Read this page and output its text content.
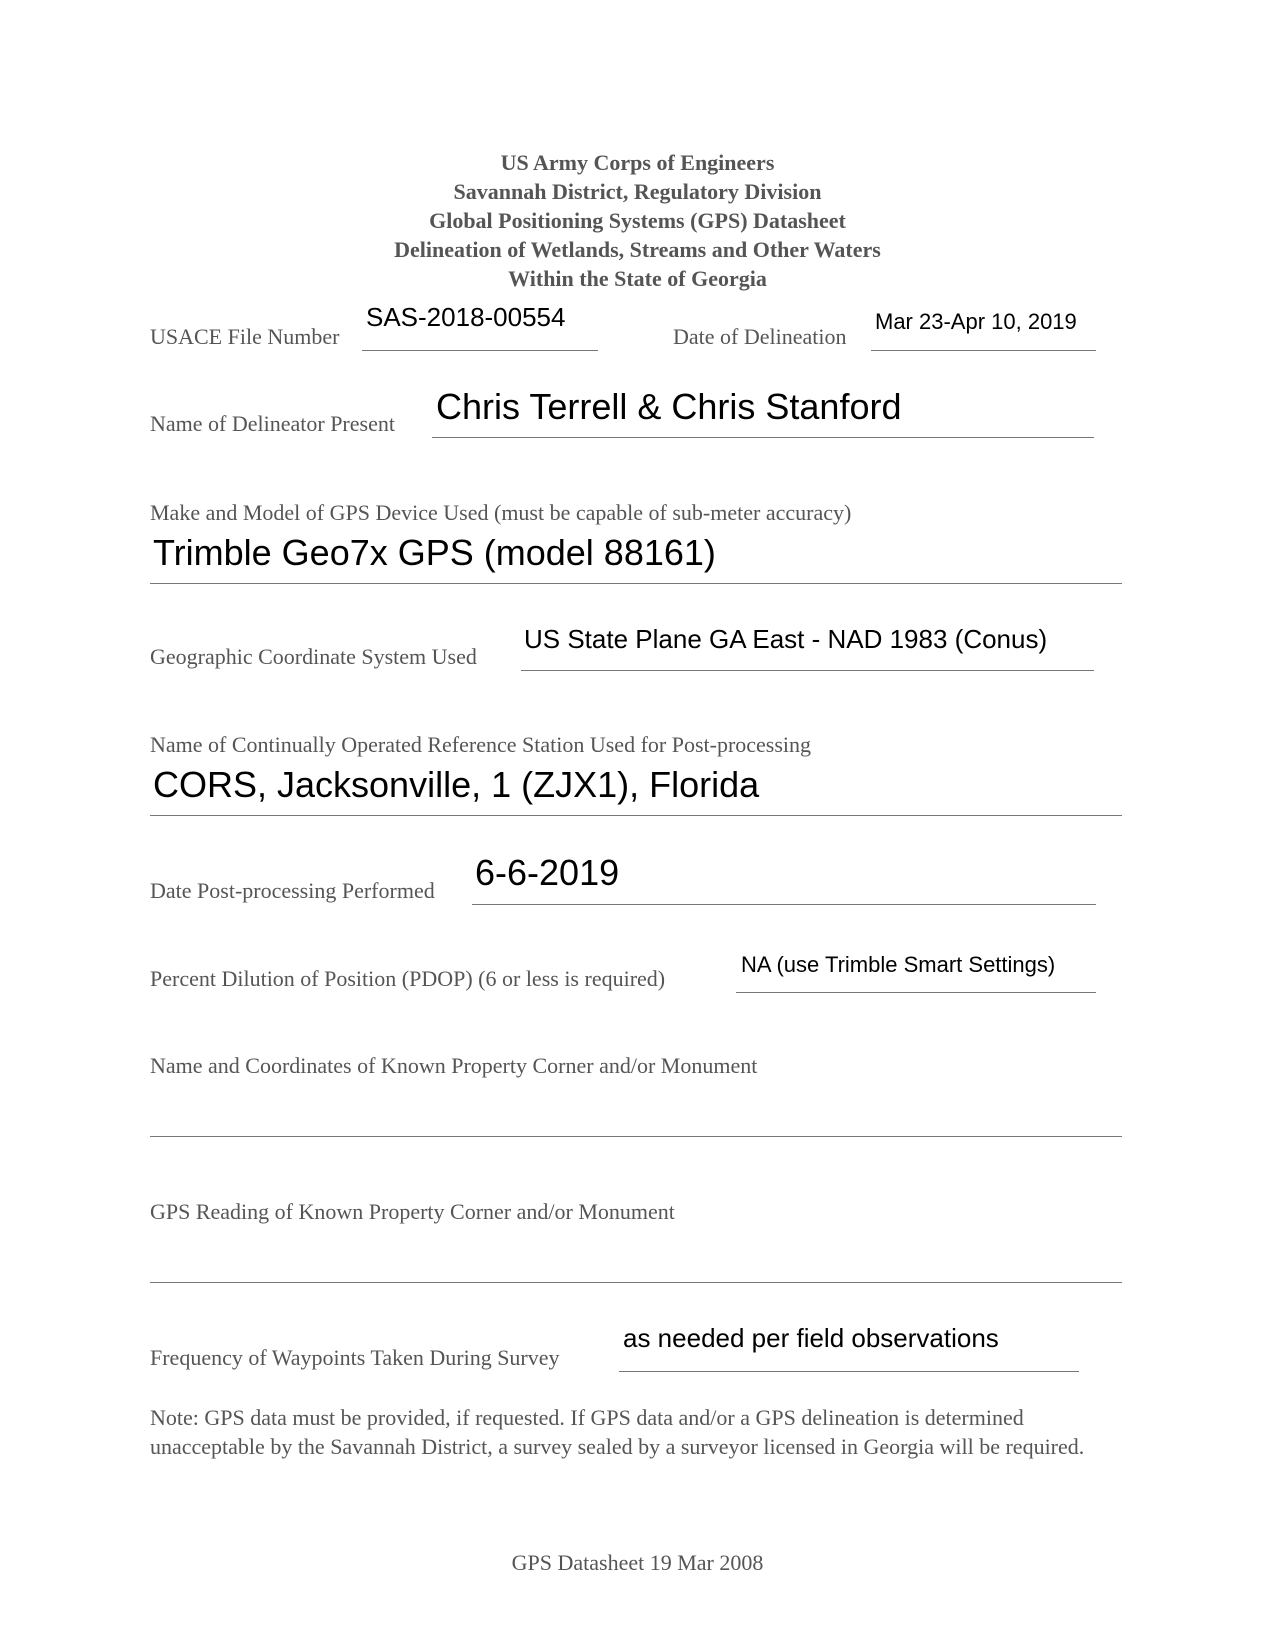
US Army Corps of Engineers
Savannah District, Regulatory Division
Global Positioning Systems (GPS) Datasheet
Delineation of Wetlands, Streams and Other Waters
Within the State of Georgia
USACE File Number
SAS-2018-00554
Date of Delineation
Mar 23-Apr 10, 2019
Name of Delineator Present Chris Terrell & Chris Stanford
Make and Model of GPS Device Used (must be capable of sub-meter accuracy)
Trimble Geo7x GPS (model 88161)
Geographic Coordinate System Used
US State Plane GA East - NAD 1983 (Conus)
Name of Continually Operated Reference Station Used for Post-processing
CORS, Jacksonville, 1 (ZJX1), Florida
Date Post-processing Performed 6-6-2019
Percent Dilution of Position (PDOP) (6 or less is required)
NA (use Trimble Smart Settings)
Name and Coordinates of Known Property Corner and/or Monument
GPS Reading of Known Property Corner and/or Monument
Frequency of Waypoints Taken During Survey
as needed per field observations
Note: GPS data must be provided, if requested. If GPS data and/or a GPS delineation is determined unacceptable by the Savannah District, a survey sealed by a surveyor licensed in Georgia will be required.
GPS Datasheet 19 Mar 2008
